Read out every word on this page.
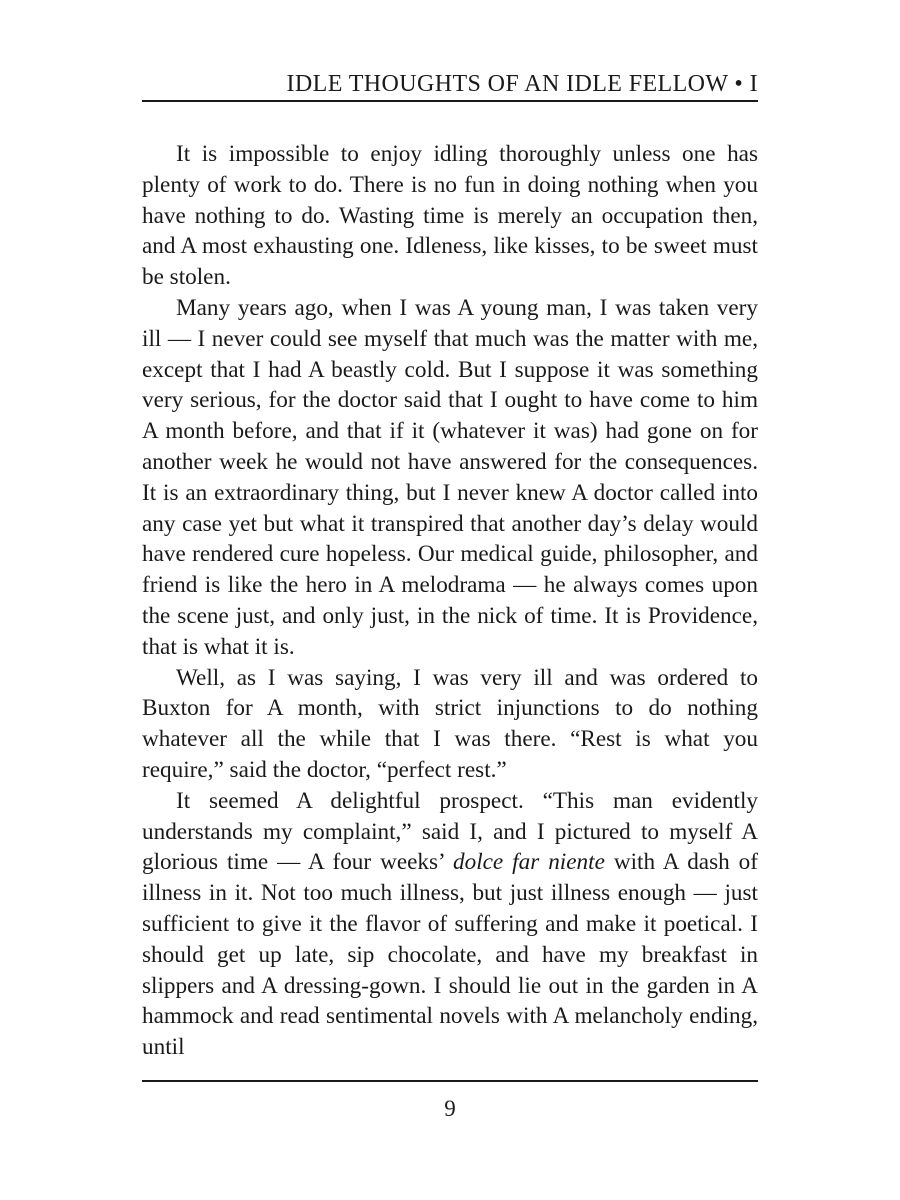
IDLE THOUGHTS OF AN IDLE FELLOW • I

It is impossible to enjoy idling thoroughly unless one has plenty of work to do. There is no fun in doing nothing when you have nothing to do. Wasting time is merely an occupation then, and A most exhausting one. Idleness, like kisses, to be sweet must be stolen.

Many years ago, when I was A young man, I was taken very ill — I never could see myself that much was the matter with me, except that I had A beastly cold. But I suppose it was something very serious, for the doctor said that I ought to have come to him A month before, and that if it (whatever it was) had gone on for another week he would not have answered for the consequences. It is an extraordinary thing, but I never knew A doctor called into any case yet but what it transpired that another day’s delay would have rendered cure hopeless. Our medical guide, philosopher, and friend is like the hero in A melodrama — he always comes upon the scene just, and only just, in the nick of time. It is Providence, that is what it is.

Well, as I was saying, I was very ill and was ordered to Buxton for A month, with strict injunctions to do nothing whatever all the while that I was there. “Rest is what you require,” said the doctor, “perfect rest.”

It seemed A delightful prospect. “This man evidently understands my complaint,” said I, and I pictured to myself A glorious time — A four weeks’ dolce far niente with A dash of illness in it. Not too much illness, but just illness enough — just sufficient to give it the flavor of suffering and make it poetical. I should get up late, sip chocolate, and have my breakfast in slippers and A dressing-gown. I should lie out in the garden in A hammock and read sentimental novels with A melancholy ending, until

9
